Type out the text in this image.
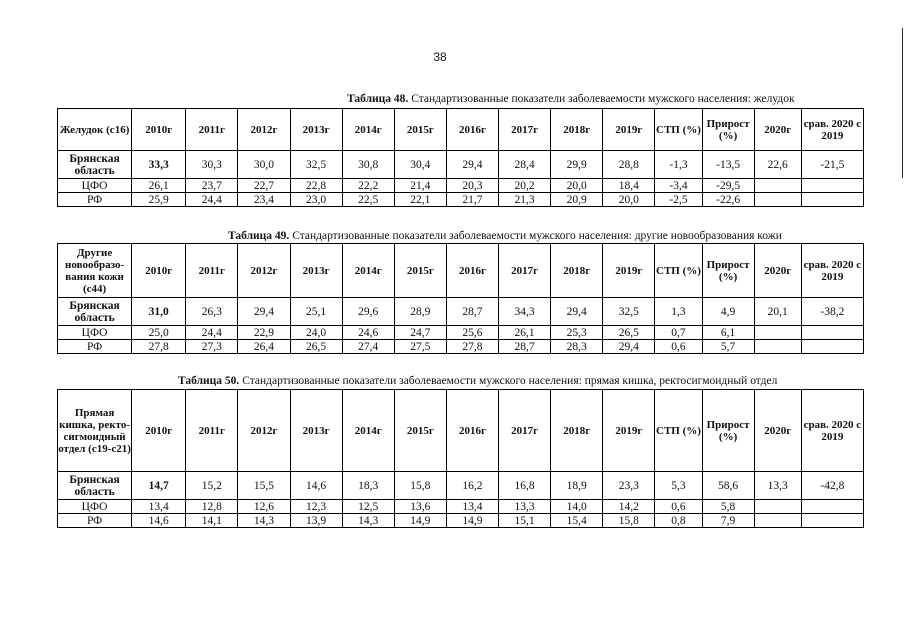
38
Таблица 48. Стандартизованные показатели заболеваемости мужского населения: желудок
Желудок (с16)	2010г	2011г	2012г	2013г	2014г	2015г	2016г	2017г	2018г	2019г	СТП (%)	Прирост (%)	2020г	срав. 2020 с 2019
Брянская область	33,3	30,3	30,0	32,5	30,8	30,4	29,4	28,4	29,9	28,8	-1,3	-13,5	22,6	-21,5
ЦФО	26,1	23,7	22,7	22,8	22,2	21,4	20,3	20,2	20,0	18,4	-3,4	-29,5		
РФ	25,9	24,4	23,4	23,0	22,5	22,1	21,7	21,3	20,9	20,0	-2,5	-22,6		
Таблица 49. Стандартизованные показатели заболеваемости мужского населения: другие новообразования кожи
Другие новообразо-вания кожи (с44)	2010г	2011г	2012г	2013г	2014г	2015г	2016г	2017г	2018г	2019г	СТП (%)	Прирост (%)	2020г	срав. 2020 с 2019
Брянская область	31,0	26,3	29,4	25,1	29,6	28,9	28,7	34,3	29,4	32,5	1,3	4,9	20,1	-38,2
ЦФО	25,0	24,4	22,9	24,0	24,6	24,7	25,6	26,1	25,3	26,5	0,7	6,1		
РФ	27,8	27,3	26,4	26,5	27,4	27,5	27,8	28,7	28,3	29,4	0,6	5,7		
Таблица 50. Стандартизованные показатели заболеваемости мужского населения: прямая кишка, ректосигмоидный отдел
Прямая кишка, ректо-сигмоидный отдел (с19-с21)	2010г	2011г	2012г	2013г	2014г	2015г	2016г	2017г	2018г	2019г	СТП (%)	Прирост (%)	2020г	срав. 2020 с 2019
Брянская область	14,7	15,2	15,5	14,6	18,3	15,8	16,2	16,8	18,9	23,3	5,3	58,6	13,3	-42,8
ЦФО	13,4	12,8	12,6	12,3	12,5	13,6	13,4	13,3	14,0	14,2	0,6	5,8		
РФ	14,6	14,1	14,3	13,9	14,3	14,9	14,9	15,1	15,4	15,8	0,8	7,9		
